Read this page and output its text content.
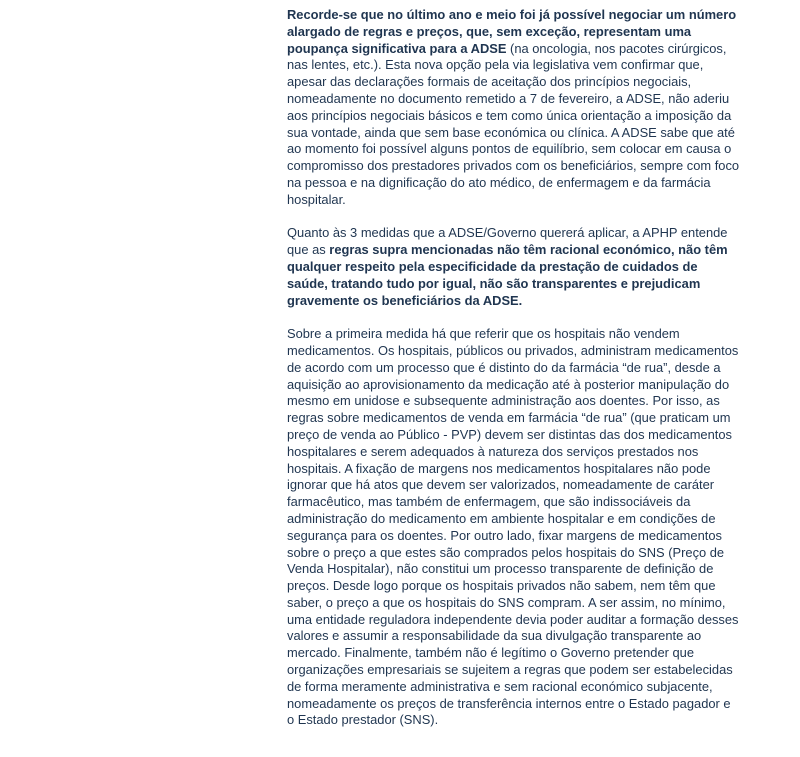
Recorde-se que no último ano e meio foi já possível negociar um número alargado de regras e preços, que, sem exceção, representam uma poupança significativa para a ADSE (na oncologia, nos pacotes cirúrgicos, nas lentes, etc.). Esta nova opção pela via legislativa vem confirmar que, apesar das declarações formais de aceitação dos princípios negociais, nomeadamente no documento remetido a 7 de fevereiro, a ADSE, não aderiu aos princípios negociais básicos e tem como única orientação a imposição da sua vontade, ainda que sem base económica ou clínica. A ADSE sabe que até ao momento foi possível alguns pontos de equilíbrio, sem colocar em causa o compromisso dos prestadores privados com os beneficiários, sempre com foco na pessoa e na dignificação do ato médico, de enfermagem e da farmácia hospitalar.

Quanto às 3 medidas que a ADSE/Governo quererá aplicar, a APHP entende que as regras supra mencionadas não têm racional económico, não têm qualquer respeito pela especificidade da prestação de cuidados de saúde, tratando tudo por igual, não são transparentes e prejudicam gravemente os beneficiários da ADSE.

Sobre a primeira medida há que referir que os hospitais não vendem medicamentos. Os hospitais, públicos ou privados, administram medicamentos de acordo com um processo que é distinto do da farmácia “de rua”, desde a aquisição ao aprovisionamento da medicação até à posterior manipulação do mesmo em unidose e subsequente administração aos doentes. Por isso, as regras sobre medicamentos de venda em farmácia “de rua” (que praticam um preço de venda ao Público - PVP) devem ser distintas das dos medicamentos hospitalares e serem adequados à natureza dos serviços prestados nos hospitais. A fixação de margens nos medicamentos hospitalares não pode ignorar que há atos que devem ser valorizados, nomeadamente de caráter farmacêutico, mas também de enfermagem, que são indissociáveis da administração do medicamento em ambiente hospitalar e em condições de segurança para os doentes. Por outro lado, fixar margens de medicamentos sobre o preço a que estes são comprados pelos hospitais do SNS (Preço de Venda Hospitalar), não constitui um processo transparente de definição de preços. Desde logo porque os hospitais privados não sabem, nem têm que saber, o preço a que os hospitais do SNS compram. A ser assim, no mínimo, uma entidade reguladora independente devia poder auditar a formação desses valores e assumir a responsabilidade da sua divulgação transparente ao mercado. Finalmente, também não é legítimo o Governo pretender que organizações empresariais se sujeitem a regras que podem ser estabelecidas de forma meramente administrativa e sem racional económico subjacente, nomeadamente os preços de transferência internos entre o Estado pagador e o Estado prestador (SNS).
